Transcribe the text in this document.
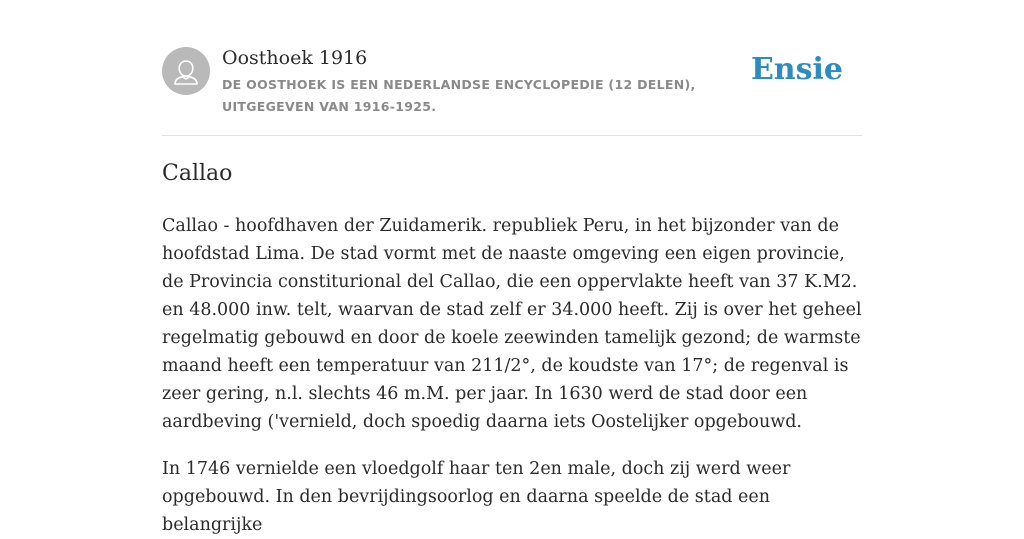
Oosthoek 1916
DE OOSTHOEK IS EEN NEDERLANDSE ENCYCLOPEDIE (12 DELEN), UITGEGEVEN VAN 1916-1925.
Ensie
Callao

Callao - hoofdhaven der Zuidamerik. republiek Peru, in het bijzonder van de hoofdstad Lima. De stad vormt met de naaste omgeving een eigen provincie, de Provincia constiturional del Callao, die een oppervlakte heeft van 37 K.M2. en 48.000 inw. telt, waarvan de stad zelf er 34.000 heeft. Zij is over het geheel regelmatig gebouwd en door de koele zeewinden tamelijk gezond; de warmste maand heeft een temperatuur van 211/2°, de koudste van 17°; de regenval is zeer gering, n.l. slechts 46 m.M. per jaar. In 1630 werd de stad door een aardbeving ('vernield, doch spoedig daarna iets Oostelijker opgebouwd.

In 1746 vernielde een vloedgolf haar ten 2en male, doch zij werd weer opgebouwd. In den bevrijdingsoorlog en daarna speelde de stad een belangrijke
